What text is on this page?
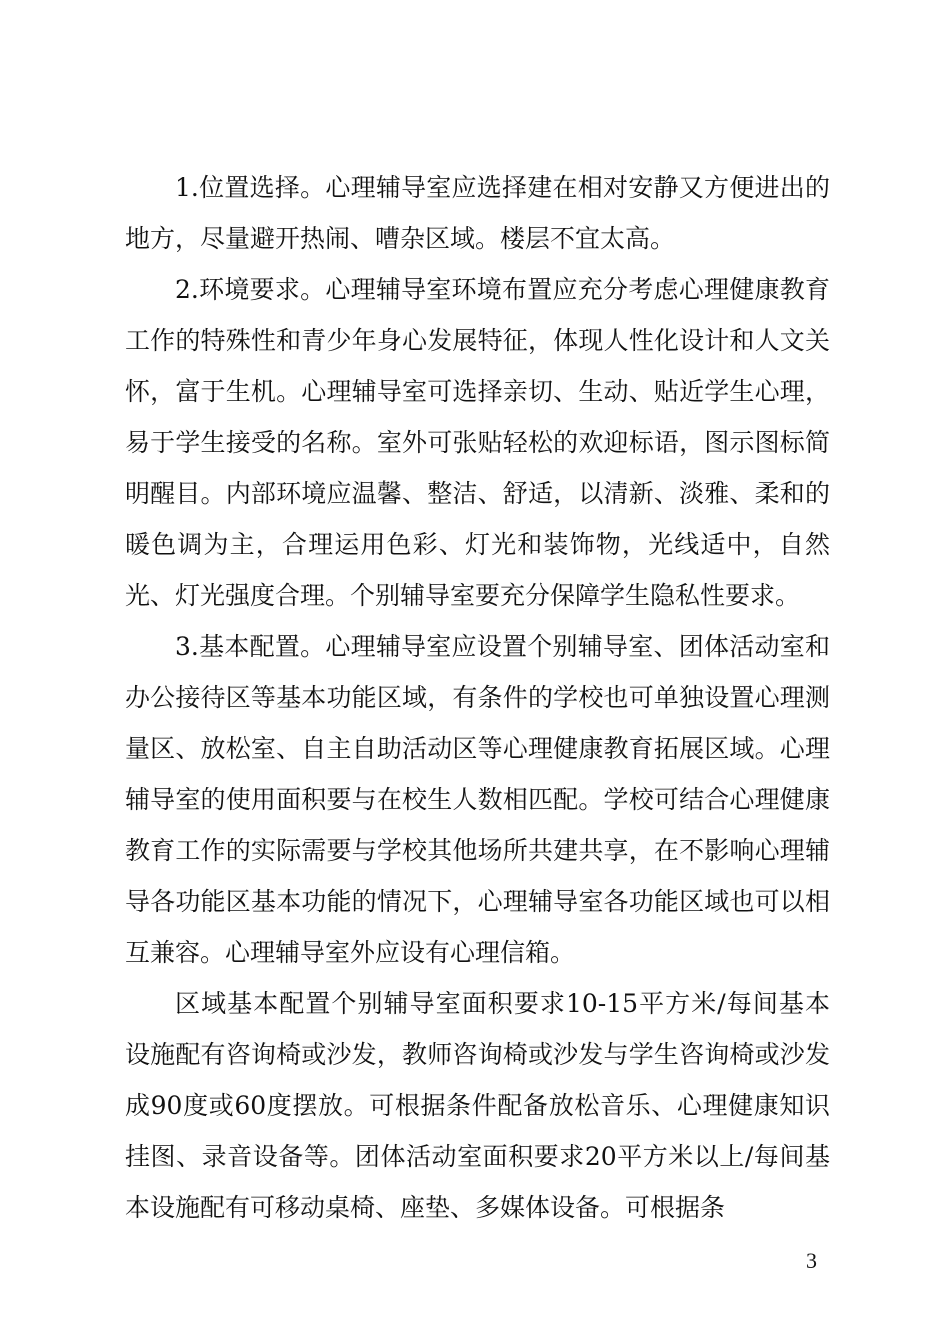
1.位置选择。心理辅导室应选择建在相对安静又方便进出的地方，尽量避开热闹、嘈杂区域。楼层不宜太高。

2.环境要求。心理辅导室环境布置应充分考虑心理健康教育工作的特殊性和青少年身心发展特征，体现人性化设计和人文关怀，富于生机。心理辅导室可选择亲切、生动、贴近学生心理，易于学生接受的名称。室外可张贴轻松的欢迎标语，图示图标简明醒目。内部环境应温馨、整洁、舒适，以清新、淡雅、柔和的暖色调为主，合理运用色彩、灯光和装饰物，光线适中，自然光、灯光强度合理。个别辅导室要充分保障学生隐私性要求。

3.基本配置。心理辅导室应设置个别辅导室、团体活动室和办公接待区等基本功能区域，有条件的学校也可单独设置心理测量区、放松室、自主自助活动区等心理健康教育拓展区域。心理辅导室的使用面积要与在校生人数相匹配。学校可结合心理健康教育工作的实际需要与学校其他场所共建共享，在不影响心理辅导各功能区基本功能的情况下，心理辅导室各功能区域也可以相互兼容。心理辅导室外应设有心理信箱。

区域基本配置个别辅导室面积要求10-15平方米/每间基本设施配有咨询椅或沙发，教师咨询椅或沙发与学生咨询椅或沙发成90度或60度摆放。可根据条件配备放松音乐、心理健康知识挂图、录音设备等。团体活动室面积要求20平方米以上/每间基本设施配有可移动桌椅、座垫、多媒体设备。可根据条

3
